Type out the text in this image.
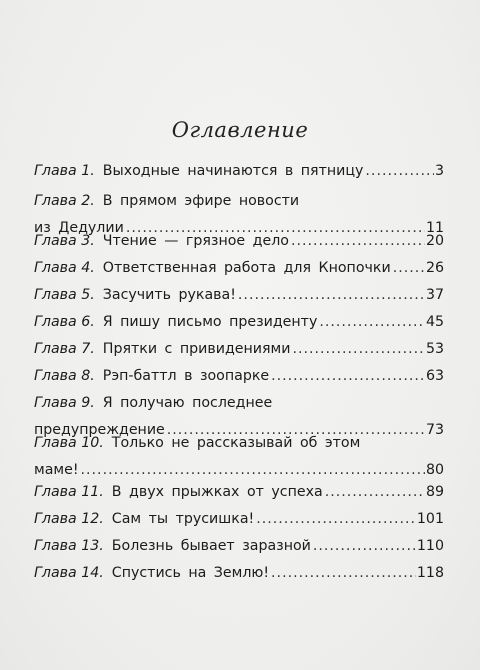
Оглавление
Глава 1. Выходные начинаются в пятницу .....	3
Глава 2. В прямом эфире новости
из Дедулии .....	11
Глава 3. Чтение — грязное дело .....	20
Глава 4. Ответственная работа для Кнопочки ..... 26
Глава 5. Засучить рукава! .....	37
Глава 6. Я пишу письмо президенту .....	45
Глава 7. Прятки с привидениями .....	53
Глава 8. Рэп-баттл в зоопарке .....	63
Глава 9. Я получаю последнее
предупреждение .....	73
Глава 10. Только не рассказывай об этом
маме! .....	80
Глава 11. В двух прыжках от успеха .....	89
Глава 12. Сам ты трусишка! .....	101
Глава 13. Болезнь бывает заразной .....	110
Глава 14. Спустись на Землю! .....	118
